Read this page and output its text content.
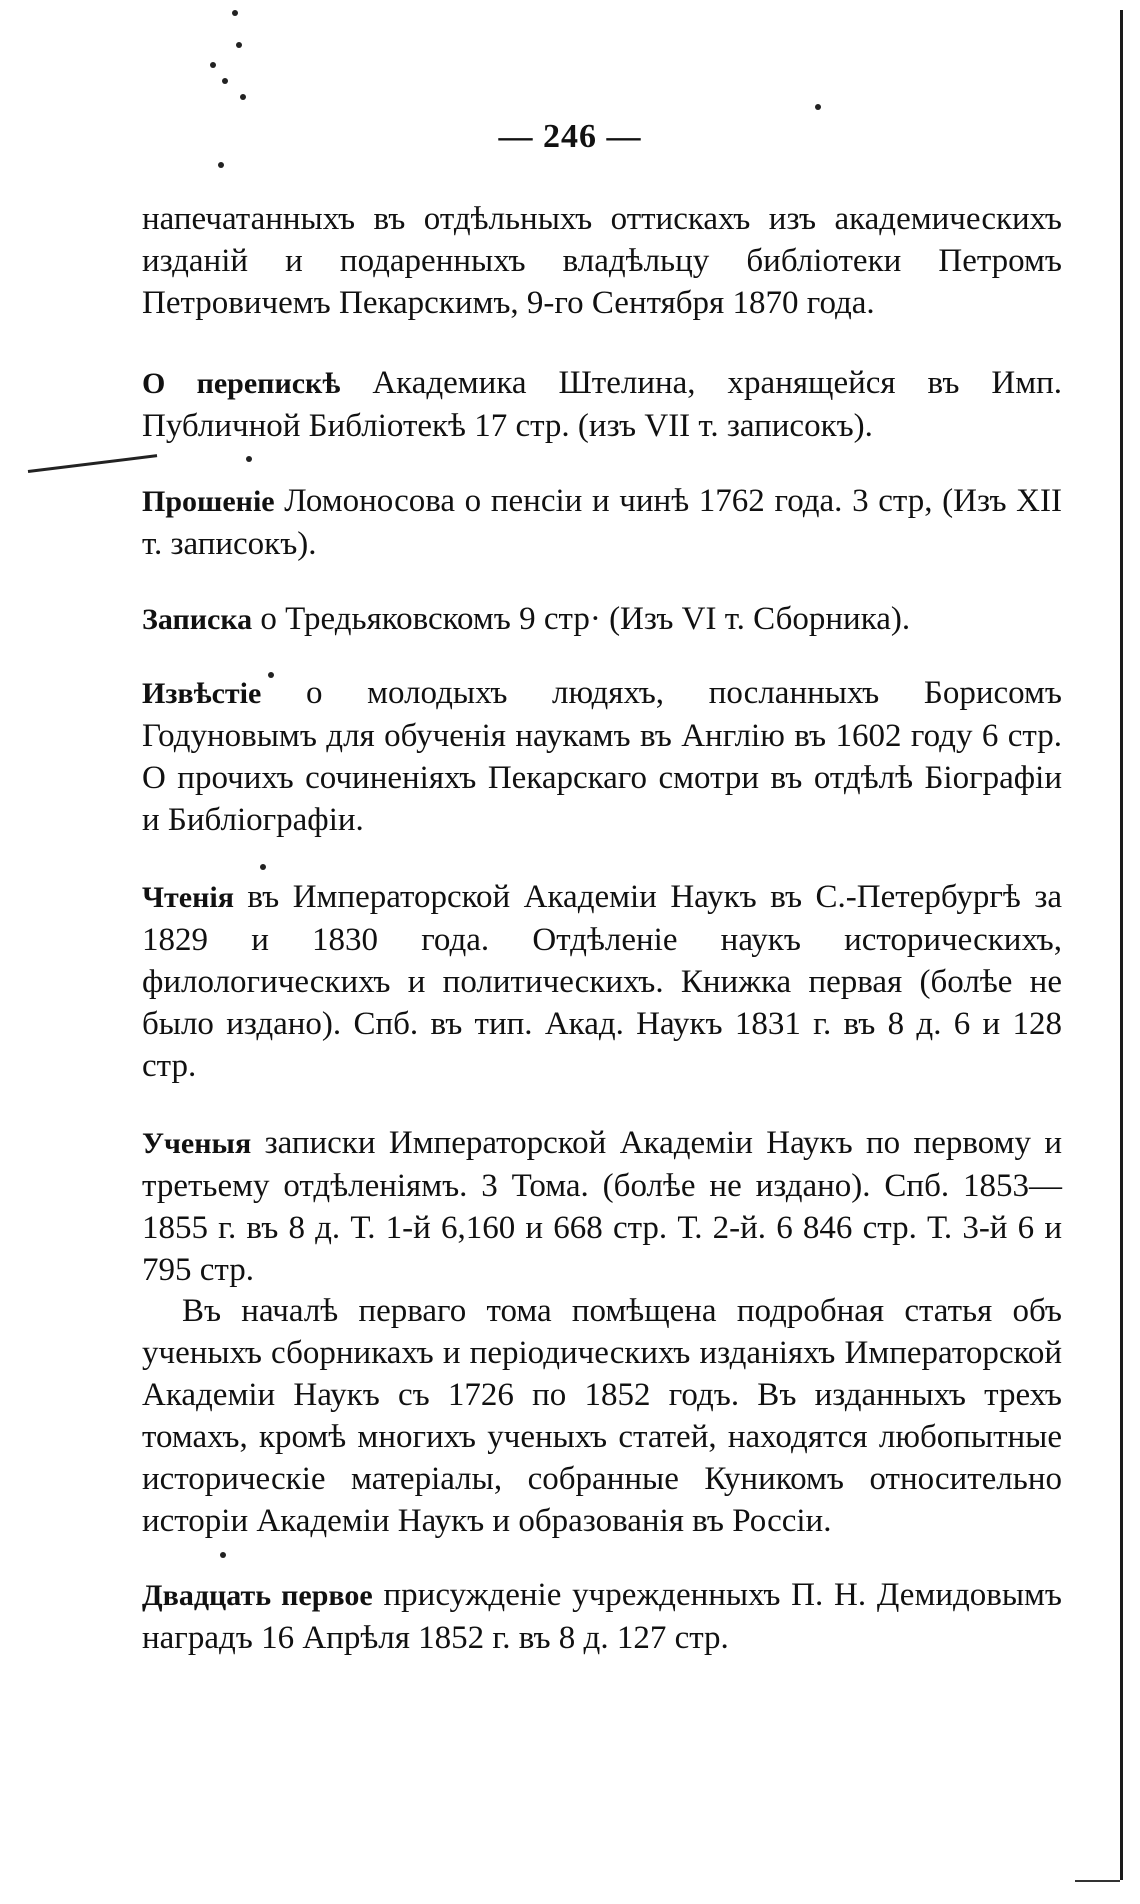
— 246 —
напечатанныхъ въ отдѣльныхъ оттискахъ изъ академическихъ изданій и подаренныхъ владѣльцу библіотеки Петромъ Петровичемъ Пекарскимъ, 9-го Сентября 1870 года.
О перепискѣ Академика Штелина, хранящейся въ Имп. Публичной Библіотекѣ 17 стр. (изъ VII т. записокъ).
Прошеніе Ломоносова о пенсіи и чинѣ 1762 года. 3 стр, (Изъ XII т. записокъ).
Записка о Тредьяковскомъ 9 стр· (Изъ VI т. Сборника).
Извѣстіе о молодыхъ людяхъ, посланныхъ Борисомъ Годуновымъ для обученія наукамъ въ Англію въ 1602 году 6 стр. О прочихъ сочиненіяхъ Пекарскаго смотри въ отдѣлѣ Біографіи и Библіографіи.
Чтенія въ Императорской Академіи Наукъ въ С.-Петербургѣ за 1829 и 1830 года. Отдѣленіе наукъ историческихъ, филологическихъ и политическихъ. Книжка первая (болѣе не было издано). Спб. въ тип. Акад. Наукъ 1831 г. въ 8 д. 6 и 128 стр.
Ученыя записки Императорской Академіи Наукъ по первому и третьему отдѣленіямъ. 3 Тома. (болѣе не издано). Спб. 1853—1855 г. въ 8 д. Т. 1-й 6,160 и 668 стр. Т. 2-й. 6 846 стр. Т. 3-й 6 и 795 стр.
Въ началѣ перваго тома помѣщена подробная статья объ ученыхъ сборникахъ и періодическихъ изданіяхъ Императорской Академіи Наукъ съ 1726 по 1852 годъ. Въ изданныхъ трехъ томахъ, кромѣ многихъ ученыхъ статей, находятся любопытные историческіе матеріалы, собранные Куникомъ относительно исторіи Академіи Наукъ и образованія въ Россіи.
Двадцать первое присужденіе учрежденныхъ П. Н. Демидовымъ наградъ 16 Апрѣля 1852 г. въ 8 д. 127 стр.
